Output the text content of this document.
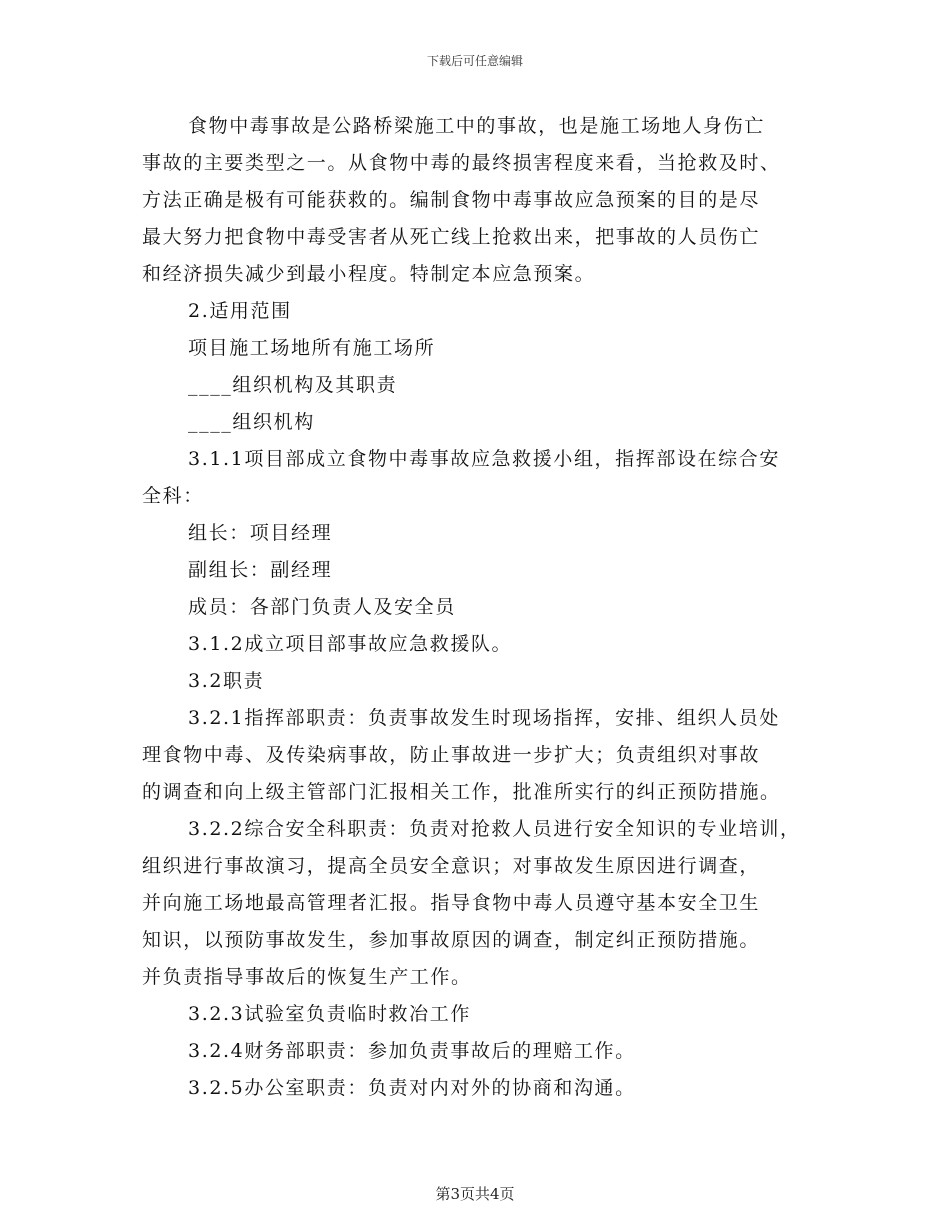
下载后可任意编辑

食物中毒事故是公路桥梁施工中的事故，也是施工场地人身伤亡
事故的主要类型之一。从食物中毒的最终损害程度来看，当抢救及时、
方法正确是极有可能获救的。编制食物中毒事故应急预案的目的是尽
最大努力把食物中毒受害者从死亡线上抢救出来，把事故的人员伤亡
和经济损失减少到最小程度。特制定本应急预案。

2.适用范围

项目施工场地所有施工场所

____组织机构及其职责

____组织机构

3.1.1项目部成立食物中毒事故应急救援小组，指挥部设在综合安
全科：

组长：项目经理

副组长：副经理

成员：各部门负责人及安全员

3.1.2成立项目部事故应急救援队。

3.2职责

3.2.1指挥部职责：负责事故发生时现场指挥，安排、组织人员处
理食物中毒、及传染病事故，防止事故进一步扩大；负责组织对事故
的调查和向上级主管部门汇报相关工作，批准所实行的纠正预防措施。

3.2.2综合安全科职责：负责对抢救人员进行安全知识的专业培训，
组织进行事故演习，提高全员安全意识；对事故发生原因进行调查，
并向施工场地最高管理者汇报。指导食物中毒人员遵守基本安全卫生
知识，以预防事故发生，参加事故原因的调查，制定纠正预防措施。
并负责指导事故后的恢复生产工作。

3.2.3试验室负责临时救冶工作

3.2.4财务部职责：参加负责事故后的理赔工作。

3.2.5办公室职责：负责对内对外的协商和沟通。

第3页共4页
